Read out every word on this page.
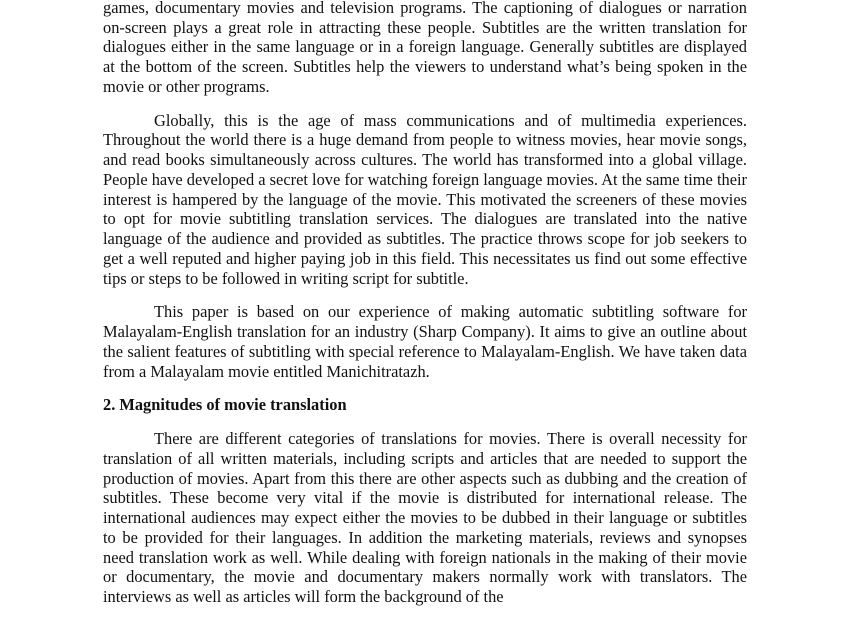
games, documentary movies and television programs. The captioning of dialogues or narration on-screen plays a great role in attracting these people. Subtitles are the written translation for dialogues either in the same language or in a foreign language. Generally subtitles are displayed at the bottom of the screen. Subtitles help the viewers to understand what’s being spoken in the movie or other programs.

Globally, this is the age of mass communications and of multimedia experiences. Throughout the world there is a huge demand from people to witness movies, hear movie songs, and read books simultaneously across cultures. The world has transformed into a global village. People have developed a secret love for watching foreign language movies. At the same time their interest is hampered by the language of the movie. This motivated the screeners of these movies to opt for movie subtitling translation services. The dialogues are translated into the native language of the audience and provided as subtitles. The practice throws scope for job seekers to get a well reputed and higher paying job in this field. This necessitates us find out some effective tips or steps to be followed in writing script for subtitle.

This paper is based on our experience of making automatic subtitling software for Malayalam-English translation for an industry (Sharp Company). It aims to give an outline about the salient features of subtitling with special reference to Malayalam-English. We have taken data from a Malayalam movie entitled Manichitratazh.

2. Magnitudes of movie translation

There are different categories of translations for movies. There is overall necessity for translation of all written materials, including scripts and articles that are needed to support the production of movies. Apart from this there are other aspects such as dubbing and the creation of subtitles. These become very vital if the movie is distributed for international release. The international audiences may expect either the movies to be dubbed in their language or subtitles to be provided for their languages. In addition the marketing materials, reviews and synopses need translation work as well. While dealing with foreign nationals in the making of their movie or documentary, the movie and documentary makers normally work with translators. The interviews as well as articles will form the background of the
